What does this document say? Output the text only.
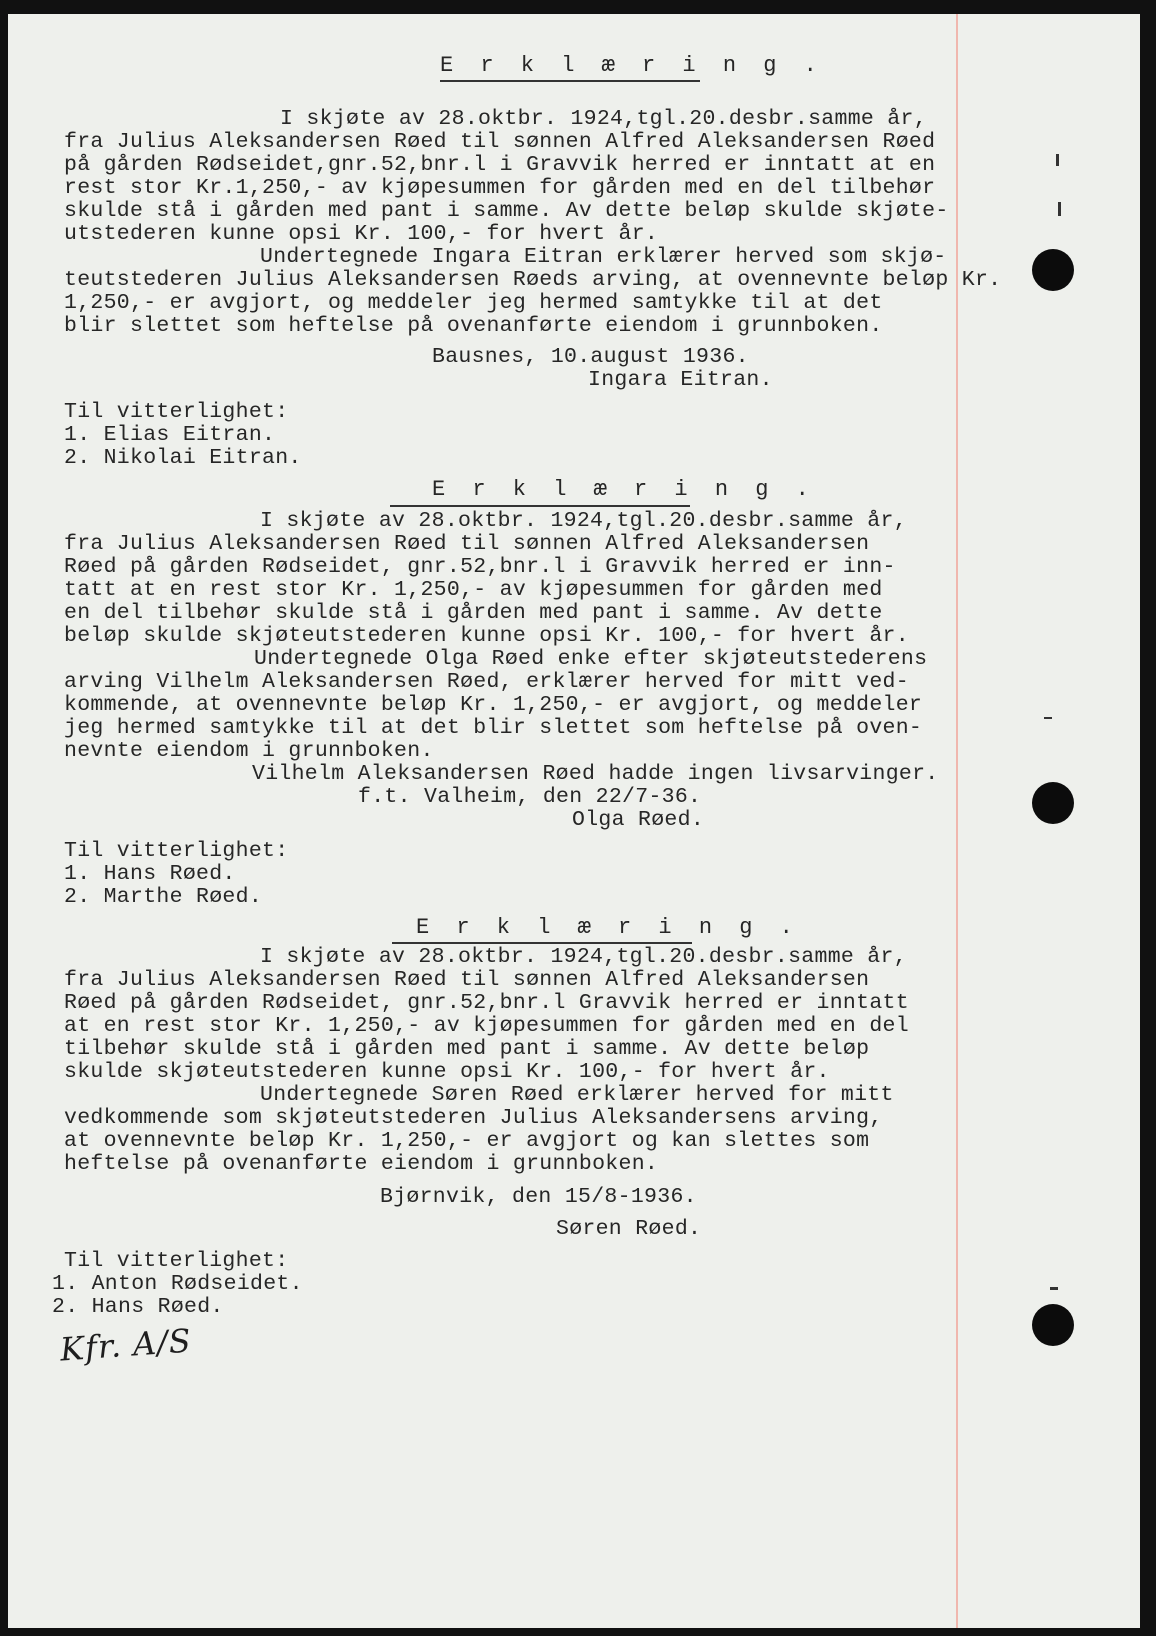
E r k l æ r i n g .
I skjøte av 28.oktbr. 1924,tgl.20.desbr.samme år,
fra Julius Aleksandersen Røed til sønnen Alfred Aleksandersen Røed
på gården Rødseidet,gnr.52,bnr.l i Gravvik herred er inntatt at en
rest stor Kr.1,250,- av kjøpesummen for gården med en del tilbehør
skulde stå i gården med pant i samme. Av dette beløp skulde skjøte-
utstederen kunne opsi Kr. 100,- for hvert år.
Undertegnede Ingara Eitran erklærer herved som skjø-
teutstederen Julius Aleksandersen Røeds arving, at ovennevnte beløp Kr.
1,250,- er avgjort, og meddeler jeg hermed samtykke til at det
blir slettet som heftelse på ovenanførte eiendom i grunnboken.
Bausnes, 10.august 1936.
Ingara Eitran.
Til vitterlighet:
1. Elias Eitran.
2. Nikolai Eitran.
E r k l æ r i n g .
I skjøte av 28.oktbr. 1924,tgl.20.desbr.samme år,
fra Julius Aleksandersen Røed til sønnen Alfred Aleksandersen
Røed på gården Rødseidet, gnr.52,bnr.l i Gravvik herred er inn-
tatt at en rest stor Kr. 1,250,- av kjøpesummen for gården med
en del tilbehør skulde stå i gården med pant i samme. Av dette
beløp skulde skjøteutstederen kunne opsi Kr. 100,- for hvert år.
Undertegnede Olga Røed enke efter skjøteutstederens
arving Vilhelm Aleksandersen Røed, erklærer herved for mitt ved-
kommende, at ovennevnte beløp Kr. 1,250,- er avgjort, og meddeler
jeg hermed samtykke til at det blir slettet som heftelse på oven-
nevnte eiendom i grunnboken.
Vilhelm Aleksandersen Røed hadde ingen livsarvinger.
f.t. Valheim, den 22/7-36.
Olga Røed.
Til vitterlighet:
1. Hans Røed.
2. Marthe Røed.
E r k l æ r i n g .
I skjøte av 28.oktbr. 1924,tgl.20.desbr.samme år,
fra Julius Aleksandersen Røed til sønnen Alfred Aleksandersen
Røed på gården Rødseidet, gnr.52,bnr.l Gravvik herred er inntatt
at en rest stor Kr. 1,250,- av kjøpesummen for gården med en del
tilbehør skulde stå i gården med pant i samme. Av dette beløp
skulde skjøteutstederen kunne opsi Kr. 100,- for hvert år.
Undertegnede Søren Røed erklærer herved for mitt
vedkommende som skjøteutstederen Julius Aleksandersens arving,
at ovennevnte beløp Kr. 1,250,- er avgjort og kan slettes som
heftelse på ovenanførte eiendom i grunnboken.
Bjørnvik, den 15/8-1936.
Søren Røed.
Til vitterlighet:
1. Anton Rødseidet.
2. Hans Røed.
Kfr. A/S
